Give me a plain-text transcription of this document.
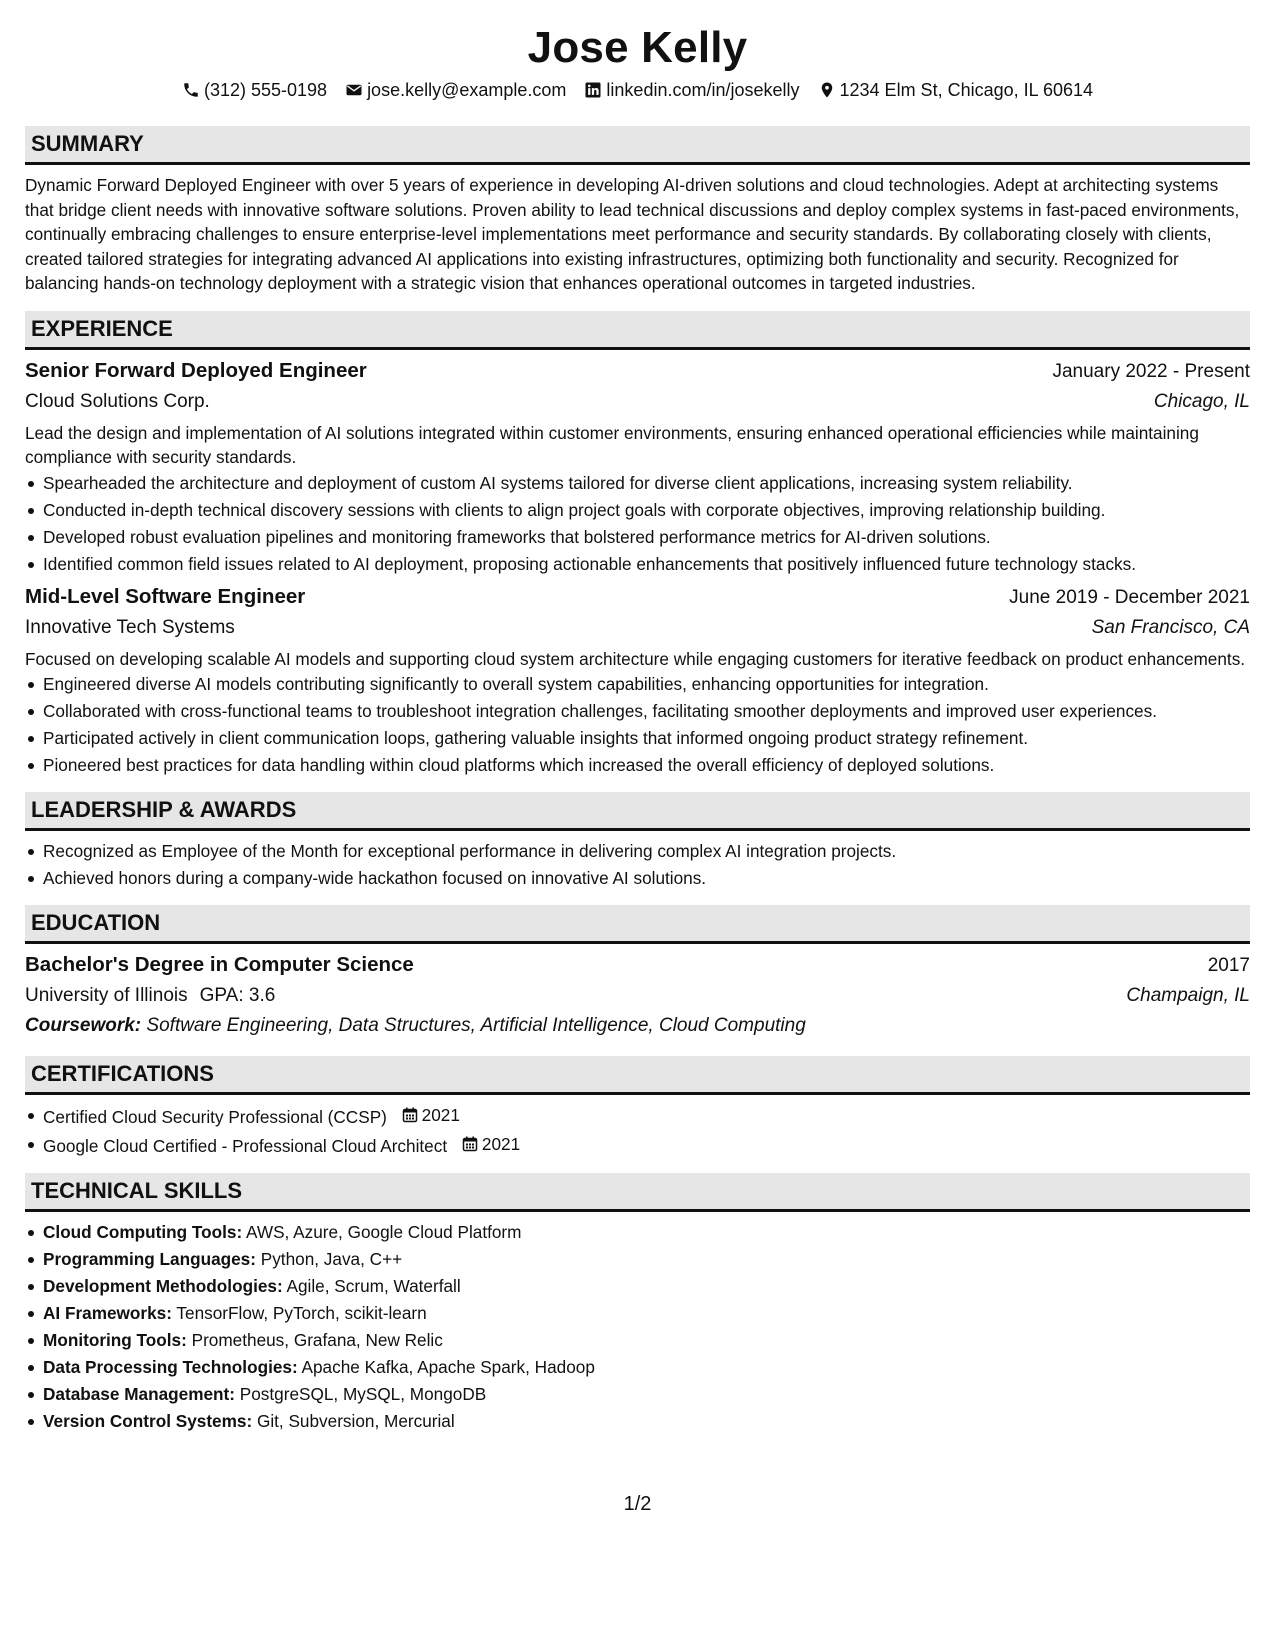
Jose Kelly
(312) 555-0198 jose.kelly@example.com linkedin.com/in/josekelly 1234 Elm St, Chicago, IL 60614
SUMMARY

Dynamic Forward Deployed Engineer with over 5 years of experience in developing AI-driven solutions and cloud technologies. Adept at architecting systems that bridge client needs with innovative software solutions. Proven ability to lead technical discussions and deploy complex systems in fast-paced environments, continually embracing challenges to ensure enterprise-level implementations meet performance and security standards. By collaborating closely with clients, created tailored strategies for integrating advanced AI applications into existing infrastructures, optimizing both functionality and security. Recognized for balancing hands-on technology deployment with a strategic vision that enhances operational outcomes in targeted industries.

EXPERIENCE
Senior Forward Deployed Engineer	January 2022 - Present
Cloud Solutions Corp.	Chicago, IL

Lead the design and implementation of AI solutions integrated within customer environments, ensuring enhanced operational efficiencies while maintaining compliance with security standards.

Spearheaded the architecture and deployment of custom AI systems tailored for diverse client applications, increasing system reliability.
Conducted in-depth technical discovery sessions with clients to align project goals with corporate objectives, improving relationship building.
Developed robust evaluation pipelines and monitoring frameworks that bolstered performance metrics for AI-driven solutions.
Identified common field issues related to AI deployment, proposing actionable enhancements that positively influenced future technology stacks.
Mid-Level Software Engineer	June 2019 - December 2021
Innovative Tech Systems	San Francisco, CA

Focused on developing scalable AI models and supporting cloud system architecture while engaging customers for iterative feedback on product enhancements.

Engineered diverse AI models contributing significantly to overall system capabilities, enhancing opportunities for integration.
Collaborated with cross-functional teams to troubleshoot integration challenges, facilitating smoother deployments and improved user experiences.
Participated actively in client communication loops, gathering valuable insights that informed ongoing product strategy refinement.
Pioneered best practices for data handling within cloud platforms which increased the overall efficiency of deployed solutions.
LEADERSHIP & AWARDS
Recognized as Employee of the Month for exceptional performance in delivering complex AI integration projects.
Achieved honors during a company-wide hackathon focused on innovative AI solutions.
EDUCATION
Bachelor's Degree in Computer Science	2017
University of Illinois GPA: 3.6	Champaign, IL
Coursework: Software Engineering, Data Structures, Artificial Intelligence, Cloud Computing
CERTIFICATIONS
Certified Cloud Security Professional (CCSP) 2021
Google Cloud Certified - Professional Cloud Architect 2021
TECHNICAL SKILLS
Cloud Computing Tools: AWS, Azure, Google Cloud Platform
Programming Languages: Python, Java, C++
Development Methodologies: Agile, Scrum, Waterfall
AI Frameworks: TensorFlow, PyTorch, scikit-learn
Monitoring Tools: Prometheus, Grafana, New Relic
Data Processing Technologies: Apache Kafka, Apache Spark, Hadoop
Database Management: PostgreSQL, MySQL, MongoDB
Version Control Systems: Git, Subversion, Mercurial
1/2
